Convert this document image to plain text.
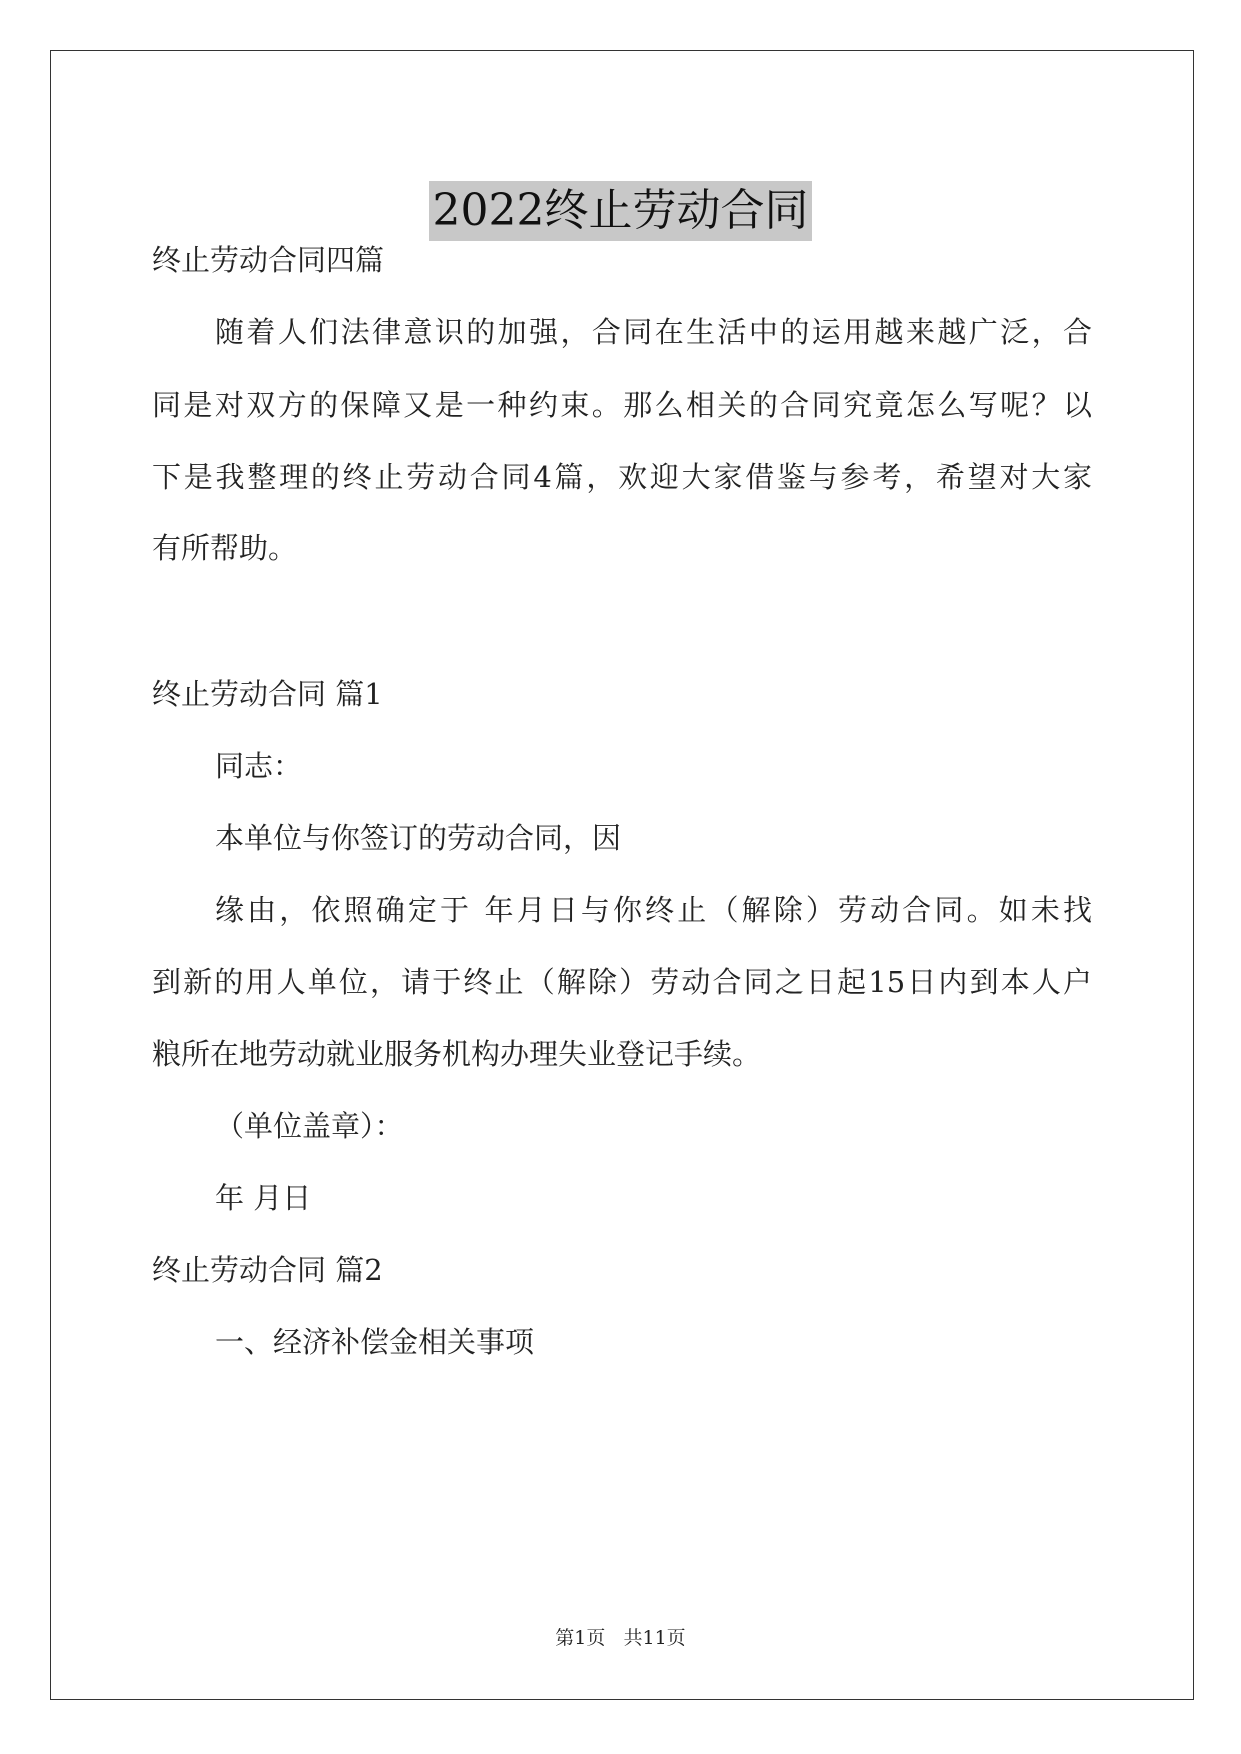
2022终止劳动合同
终止劳动合同四篇
随着人们法律意识的加强，合同在生活中的运用越来越广泛，合
同是对双方的保障又是一种约束。那么相关的合同究竟怎么写呢？以
下是我整理的终止劳动合同4篇，欢迎大家借鉴与参考，希望对大家
有所帮助。
终止劳动合同 篇1
同志：
本单位与你签订的劳动合同，因
缘由，依照确定于 年月日与你终止（解除）劳动合同。如未找
到新的用人单位，请于终止（解除）劳动合同之日起15日内到本人户
粮所在地劳动就业服务机构办理失业登记手续。
（单位盖章）：
年 月日
终止劳动合同 篇2
一、经济补偿金相关事项
第1页   共11页
